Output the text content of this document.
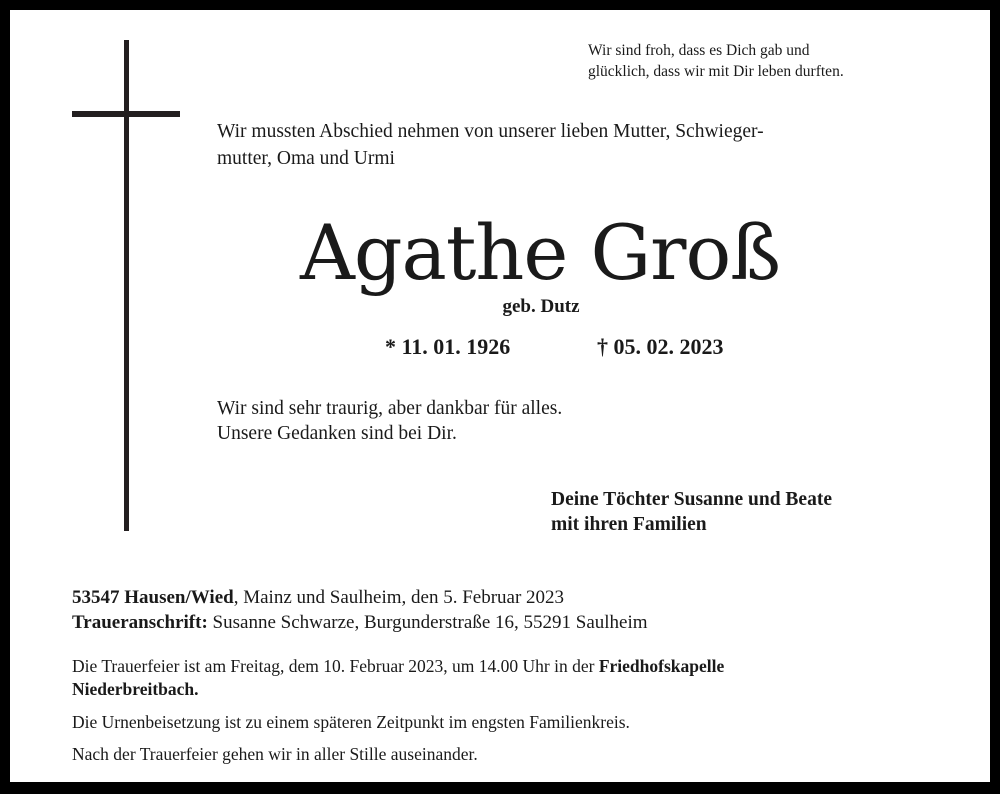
Wir sind froh, dass es Dich gab und
glücklich, dass wir mit Dir leben durften.
Wir mussten Abschied nehmen von unserer lieben Mutter, Schwieger-
mutter, Oma und Urmi
Agathe Groß
geb. Dutz
* 11. 01. 1926	† 05. 02. 2023
Wir sind sehr traurig, aber dankbar für alles.
Unsere Gedanken sind bei Dir.
Deine Töchter Susanne und Beate
mit ihren Familien
53547 Hausen/Wied, Mainz und Saulheim, den 5. Februar 2023
Traueranschrift: Susanne Schwarze, Burgunderstraße 16, 55291 Saulheim
Die Trauerfeier ist am Freitag, dem 10. Februar 2023, um 14.00 Uhr in der Friedhofskapelle
Niederbreitbach.
Die Urnenbeisetzung ist zu einem späteren Zeitpunkt im engsten Familienkreis.
Nach der Trauerfeier gehen wir in aller Stille auseinander.
